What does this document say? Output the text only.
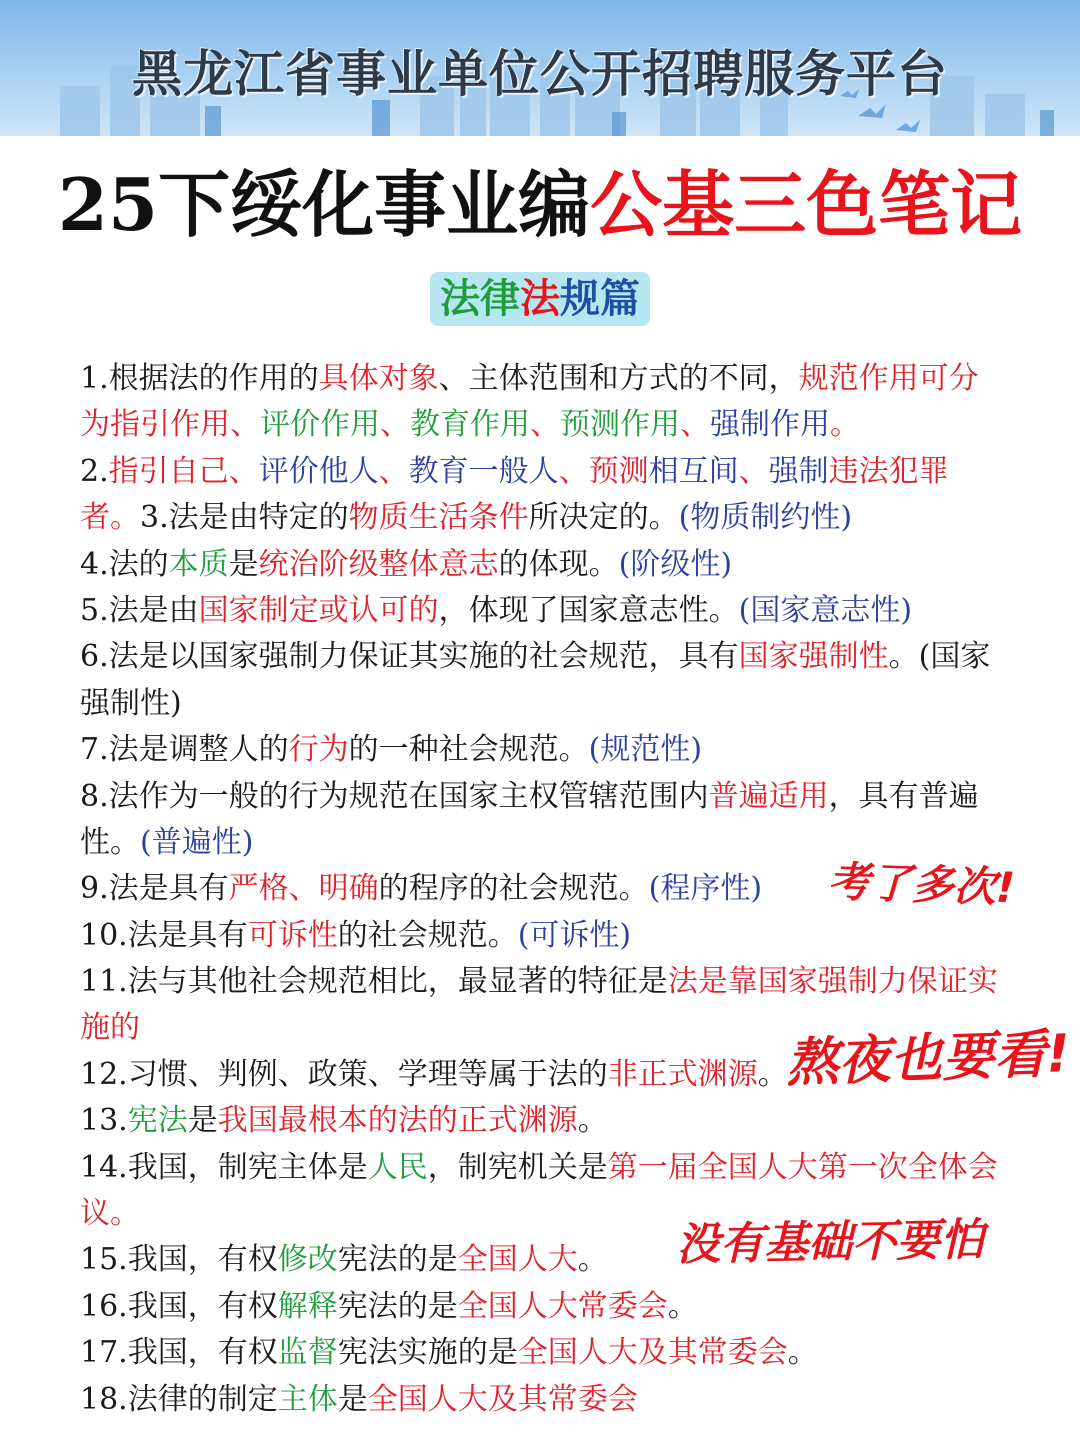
黑龙江省事业单位公开招聘服务平台
25下绥化事业编公基三色笔记
法律法规篇
1.根据法的作用的具体对象、主体范围和方式的不同，规范作用可分
为指引作用、评价作用、教育作用、预测作用、强制作用。
2.指引自己、评价他人、教育一般人、预测相互间、强制违法犯罪
者。3.法是由特定的物质生活条件所决定的。(物质制约性)
4.法的本质是统治阶级整体意志的体现。(阶级性)
5.法是由国家制定或认可的，体现了国家意志性。(国家意志性)
6.法是以国家强制力保证其实施的社会规范，具有国家强制性。(国家
强制性)
7.法是调整人的行为的一种社会规范。(规范性)
8.法作为一般的行为规范在国家主权管辖范围内普遍适用，具有普遍
性。(普遍性)
9.法是具有严格、明确的程序的社会规范。(程序性)
10.法是具有可诉性的社会规范。(可诉性)
11.法与其他社会规范相比，最显著的特征是法是靠国家强制力保证实
施的
12.习惯、判例、政策、学理等属于法的非正式渊源。
13.宪法是我国最根本的法的正式渊源。
14.我国，制宪主体是人民，制宪机关是第一届全国人大第一次全体会
议。
15.我国，有权修改宪法的是全国人大。
16.我国，有权解释宪法的是全国人大常委会。
17.我国，有权监督宪法实施的是全国人大及其常委会。
18.法律的制定主体是全国人大及其常委会
考了多次!
熬夜也要看!
没有基础不要怕
